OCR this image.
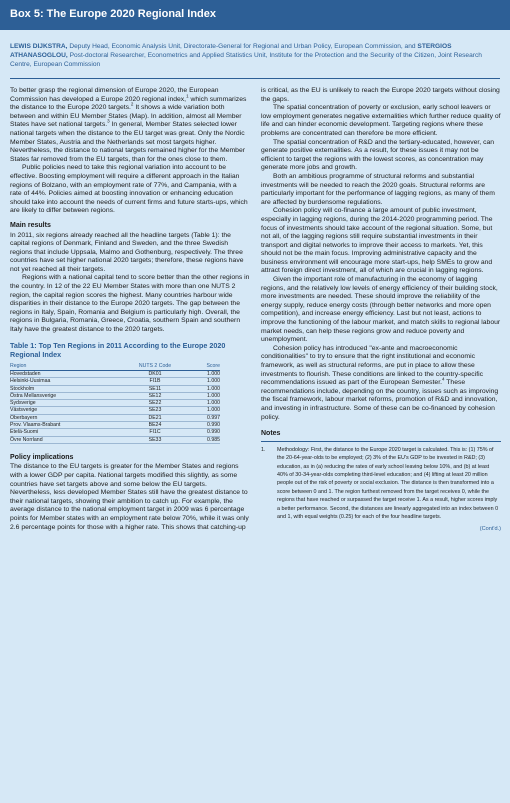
Box 5: The Europe 2020 Regional Index
LEWIS DIJKSTRA, Deputy Head, Economic Analysis Unit, Directorate-General for Regional and Urban Policy, European Commission, and STERGIOS ATHANASOGLOU, Post-doctoral Researcher, Econometrics and Applied Statistics Unit, Institute for the Protection and the Security of the Citizen, Joint Research Centre, European Commission

To better grasp the regional dimension of Europe 2020, the European Commission has developed a Europe 2020 regional index,$^1$ which summarizes the distance to the Europe 2020 targets.$^2$ It shows a wide variation both between and within EU Member States (Map). In addition, almost all Member States have set national targets.$^3$ In general, Member States selected lower national targets when the distance to the EU target was great. Only the Nordic Member States, Austria and the Netherlands set most targets higher. Nevertheless, the distance to national targets remained higher for the Member States far removed from the EU targets, than for the ones close to them.

Public policies need to take this regional variation into account to be effective. Boosting employment will require a different approach in the Italian regions of Bolzano, with an employment rate of 77%, and Campania, with a rate of 44%. Policies aimed at boosting innovation or enhancing education should take into account the needs of current firms and future starts-ups, which are likely to differ between regions.

Main results

In 2011, six regions already reached all the headline targets (Table 1): the capital regions of Denmark, Finland and Sweden, and the three Swedish regions that include Uppsala, Malmo and Gothenburg, respectively. The three countries have set higher national 2020 targets; therefore, these regions have not yet reached all their targets.

Regions with a national capital tend to score better than the other regions in the country. In 12 of the 22 EU Member States with more than one NUTS 2 region, the capital region scores the highest. Many countries harbour wide disparities in their distance to the Europe 2020 targets. The gap between the regions in Italy, Spain, Romania and Belgium is particularly high. Overall, the regions in Bulgaria, Romania, Greece, Croatia, southern Spain and southern Italy have the greatest distance to the 2020 targets.

Table 1: Top Ten Regions in 2011 According to the Europe 2020 Regional Index
Region	NUTS 2 Code	Score
Hovedstaden	DK01	1.000
Helsinki-Uusimaa	FI1B	1.000
Stockholm	SE11	1.000
Östra Mellansverige	SE12	1.000
Sydsverige	SE22	1.000
Västsverige	SE23	1.000
Oberbayern	DE21	0.997
Prov. Vlaams-Brabant	BE24	0.990
Etelä-Suomi	FI1C	0.990
Övre Norrland	SE33	0.985
Policy implications

The distance to the EU targets is greater for the Member States and regions with a lower GDP per capita. National targets modified this slightly, as some countries have set targets above and some below the EU targets. Nevertheless, less developed Member States still have the greatest distance to their national targets, showing their ambition to catch up. For example, the average distance to the national employment target in 2009 was 6 percentage points for Member states with an employment rate below 70%, while it was only 2.6 percentage points for those with a higher rate. This shows that catching-up

is critical, as the EU is unlikely to reach the Europe 2020 targets without closing the gaps.

The spatial concentration of poverty or exclusion, early school leavers or low employment generates negative externalities which further reduce quality of life and can hinder economic development. Targeting regions where these problems are concentrated can therefore be more efficient.

The spatial concentration of R&D and the tertiary-educated, however, can generate positive externalities. As a result, for these issues it may not be efficient to target the regions with the lowest scores, as concentration may generate more jobs and growth.

Both an ambitious programme of structural reforms and substantial investments will be needed to reach the 2020 goals. Structural reforms are particularly important for the performance of lagging regions, as many of them are affected by burdensome regulations.

Cohesion policy will co-finance a large amount of public investment, especially in lagging regions, during the 2014-2020 programming period. The focus of investments should take account of the regional situation. Some, but not all, of the lagging regions still require substantial investments in their transport and digital networks to improve their access to markets. Yet, this should not be the main focus. Improving administrative capacity and the business environment will encourage more start-ups, help SMEs to grow and attract foreign direct investment, all of which are crucial in lagging regions.

Given the important role of manufacturing in the economy of lagging regions, and the relatively low levels of energy efficiency of their building stock, more investments are needed. These should improve the reliability of the energy supply, reduce energy costs (through better networks and more open competition), and increase energy efficiency. Last but not least, actions to improve the functioning of the labour market, and match skills to regional labour market needs, can help these regions grow and reduce poverty and unemployment.

Cohesion policy has introduced "ex-ante and macroeconomic conditionalities" to try to ensure that the right institutional and economic framework, as well as structural reforms, are put in place to allow these investments to flourish. These conditions are linked to the country-specific recommendations issued as part of the European Semester.$^4$ These recommendations include, depending on the country, issues such as improving the fiscal framework, labour market reforms, promotion of R&D and innovation, and investing in infrastructure. Some of these can be co-financed by cohesion policy.

Notes
1.	Methodology: First, the distance to the Europe 2020 target is calculated. This is: (1) 75% of the 20-64-year-olds to be employed; (2) 3% of the EU's GDP to be invested in R&D; (3) education, as in (a) reducing the rates of early school leaving below 10%, and (b) at least 40% of 30-34-year-olds completing third-level education; and (4) lifting at least 20 million people out of the risk of poverty or social exclusion. The distance is then transformed into a score between 0 and 1. The region furthest removed from the target receives 0, while the regions that have reached or surpassed the target receive 1. As a result, higher scores imply a better performance. Second, the distances are linearly aggregated into an index between 0 and 1, with equal weights (0.25) for each of the four headline targets.
(Cont'd.)
